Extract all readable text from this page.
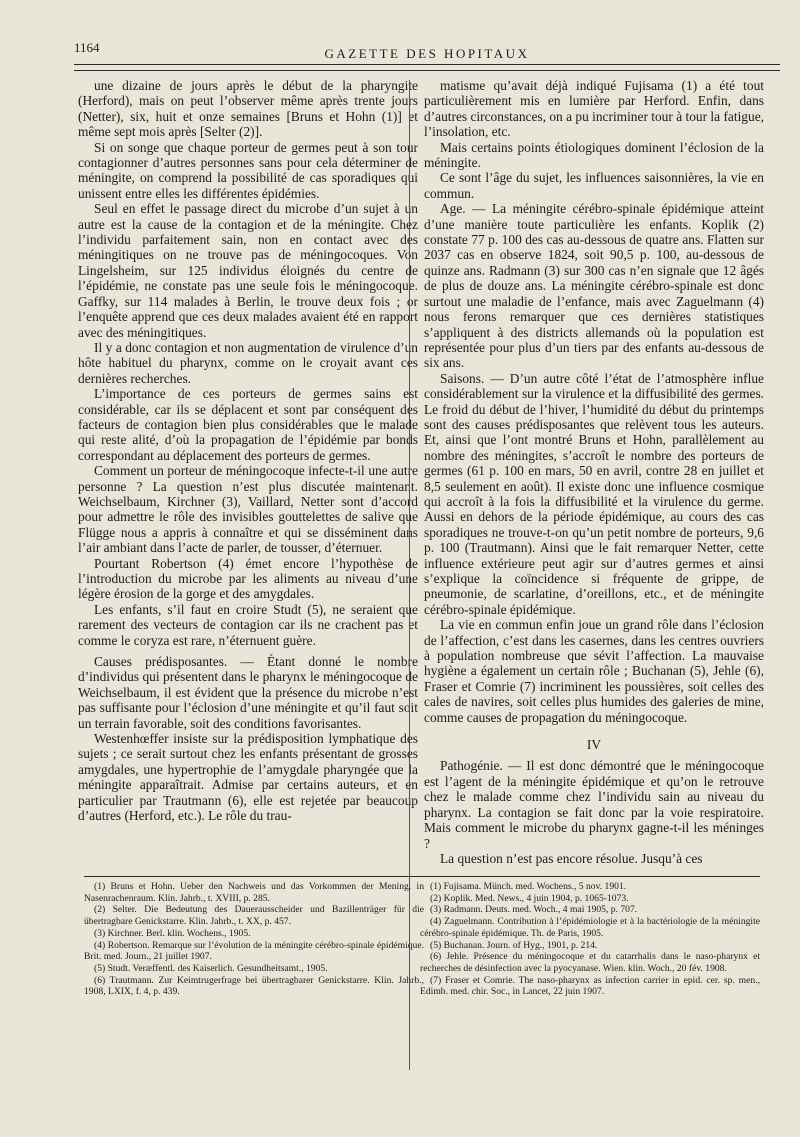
1164	GAZETTE DES HOPITAUX

une dizaine de jours après le début de la pharyngite (Herford), mais on peut l’observer même après trente jours (Netter), six, huit et onze semaines [Bruns et Hohn (1)] et même sept mois après [Selter (2)].

Si on songe que chaque porteur de germes peut à son tour contagionner d’autres personnes sans pour cela déterminer de méningite, on comprend la possibilité de cas sporadiques qui unissent entre elles les différentes épidémies.

Seul en effet le passage direct du microbe d’un sujet à un autre est la cause de la contagion et de la méningite. Chez l’individu parfaitement sain, non en contact avec des méningitiques on ne trouve pas de méningocoques. Von Lingelsheim, sur 125 individus éloignés du centre de l’épidémie, ne constate pas une seule fois le méningocoque. Gaffky, sur 114 malades à Berlin, le trouve deux fois ; or l’enquête apprend que ces deux malades avaient été en rapport avec des méningitiques.

Il y a donc contagion et non augmentation de virulence d’un hôte habituel du pharynx, comme on le croyait avant ces dernières recherches.

L’importance de ces porteurs de germes sains est considérable, car ils se déplacent et sont par conséquent des facteurs de contagion bien plus considérables que le malade qui reste alité, d’où la propagation de l’épidémie par bonds correspondant au déplacement des porteurs de germes.

Comment un porteur de méningocoque infecte-t-il une autre personne ? La question n’est plus discutée maintenant. Weichselbaum, Kirchner (3), Vaillard, Netter sont d’accord pour admettre le rôle des invisibles gouttelettes de salive que Flügge nous a appris à connaître et qui se disséminent dans l’air ambiant dans l’acte de parler, de tousser, d’éternuer.

Pourtant Robertson (4) émet encore l’hypothèse de l’introduction du microbe par les aliments au niveau d’une légère érosion de la gorge et des amygdales.

Les enfants, s’il faut en croire Studt (5), ne seraient que rarement des vecteurs de contagion car ils ne crachent pas et comme le coryza est rare, n’éternuent guère.

Causes prédisposantes. — Étant donné le nombre d’individus qui présentent dans le pharynx le méningocoque de Weichselbaum, il est évident que la présence du microbe n’est pas suffisante pour l’éclosion d’une méningite et qu’il faut soit un terrain favorable, soit des conditions favorisantes.

Westenhœffer insiste sur la prédisposition lymphatique des sujets ; ce serait surtout chez les enfants présentant de grosses amygdales, une hypertrophie de l’amygdale pharyngée que la méningite apparaîtrait. Admise par certains auteurs, et en particulier par Trautmann (6), elle est rejetée par beaucoup d’autres (Herford, etc.). Le rôle du trau-

matisme qu’avait déjà indiqué Fujisama (1) a été tout particulièrement mis en lumière par Herford. Enfin, dans d’autres circonstances, on a pu incriminer tour à tour la fatigue, l’insolation, etc.

Mais certains points étiologiques dominent l’éclosion de la méningite.

Ce sont l’âge du sujet, les influences saisonnières, la vie en commun.

Age. — La méningite cérébro-spinale épidémique atteint d’une manière toute particulière les enfants. Koplik (2) constate 77 p. 100 des cas au-dessous de quatre ans. Flatten sur 2037 cas en observe 1824, soit 90,5 p. 100, au-dessous de quinze ans. Radmann (3) sur 300 cas n’en signale que 12 âgés de plus de douze ans. La méningite cérébro-spinale est donc surtout une maladie de l’enfance, mais avec Zaguelmann (4) nous ferons remarquer que ces dernières statistiques s’appliquent à des districts allemands où la population est représentée pour plus d’un tiers par des enfants au-dessous de six ans.

Saisons. — D’un autre côté l’état de l’atmosphère influe considérablement sur la virulence et la diffusibilité des germes. Le froid du début de l’hiver, l’humidité du début du printemps sont des causes prédisposantes que relèvent tous les auteurs. Et, ainsi que l’ont montré Bruns et Hohn, parallèlement au nombre des méningites, s’accroît le nombre des porteurs de germes (61 p. 100 en mars, 50 en avril, contre 28 en juillet et 8,5 seulement en août). Il existe donc une influence cosmique qui accroît à la fois la diffusibilité et la virulence du germe. Aussi en dehors de la période épidémique, au cours des cas sporadiques ne trouve-t-on qu’un petit nombre de porteurs, 9,6 p. 100 (Trautmann). Ainsi que le fait remarquer Netter, cette influence extérieure peut agir sur d’autres germes et ainsi s’explique la coïncidence si fréquente de grippe, de pneumonie, de scarlatine, d’oreillons, etc., et de méningite cérébro-spinale épidémique.

La vie en commun enfin joue un grand rôle dans l’éclosion de l’affection, c’est dans les casernes, dans les centres ouvriers à population nombreuse que sévit l’affection. La mauvaise hygiène a également un certain rôle ; Buchanan (5), Jehle (6), Fraser et Comrie (7) incriminent les poussières, soit celles des cales de navires, soit celles plus humides des galeries de mine, comme causes de propagation du méningocoque.

IV

Pathogénie. — Il est donc démontré que le méningocoque est l’agent de la méningite épidémique et qu’on le retrouve chez le malade comme chez l’individu sain au niveau du pharynx. La contagion se fait donc par la voie respiratoire. Mais comment le microbe du pharynx gagne-t-il les méninges ?

La question n’est pas encore résolue. Jusqu’à ces

(1) Bruns et Hohn. Ueber den Nachweis und das Vorkommen der Mening. in Nasenrachenraum. Klin. Jahrb., t. XVIII, p. 285.

(2) Selter. Die Bedeutung des Dauerausscheider und Bazillenträger für die übertragbare Genickstarre. Klin. Jahrb., t. XX, p. 457.

(3) Kirchner. Berl. klin. Wochens., 1905.

(4) Robertson. Remarque sur l’évolution de la méningite cérébro-spinale épidémique. Brit. med. Journ., 21 juillet 1907.

(5) Studt. Veræffentl. des Kaiserlich. Gesundheitsamt., 1905.

(6) Trautmann. Zur Keimtrugerfrage bei übertragbarer Genickstarre. Klin. Jahrb., 1908, LXIX, f. 4, p. 439.

(1) Fujisama. Münch. med. Wochens., 5 nov. 1901.

(2) Koplik. Med. News., 4 juin 1904, p. 1065-1073.

(3) Radmann. Deuts. med. Woch., 4 mai 1905, p. 707.

(4) Zaguelmann. Contribution à l’épidémiologie et à la bactériologie de la méningite cérébro-spinale épidémique. Th. de Paris, 1905.

(5) Buchanan. Journ. of Hyg., 1901, p. 214.

(6) Jehle. Présence du méningocoque et du catarrhalis dans le naso-pharynx et recherches de désinfection avec la pyocyanase. Wien. klin. Woch., 20 fév. 1908.

(7) Fraser et Comrie. The naso-pharynx as infection carrier in epid. cer. sp. men., Edimb. med. chir. Soc., in Lancet, 22 juin 1907.
